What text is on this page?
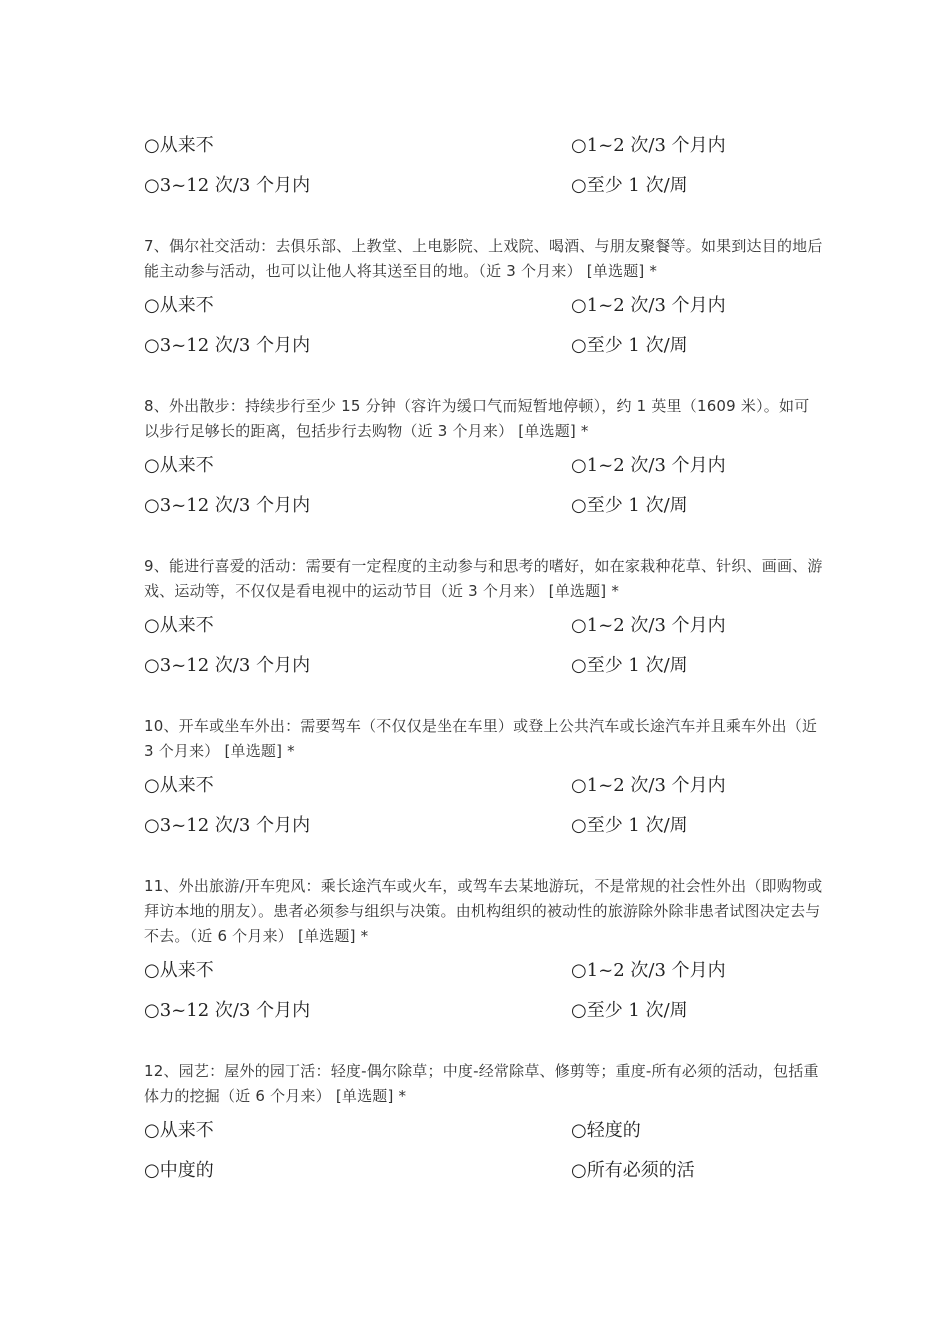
○从来不	○1~2 次/3 个月内
○3~12 次/3 个月内	○至少 1 次/周

7、偶尔社交活动：去俱乐部、上教堂、上电影院、上戏院、喝酒、与朋友聚餐等。如果到达目的地后能主动参与活动，也可以让他人将其送至目的地。（近 3 个月来） [单选题] *

○从来不	○1~2 次/3 个月内
○3~12 次/3 个月内	○至少 1 次/周

8、外出散步：持续步行至少 15 分钟（容许为缓口气而短暂地停顿），约 1 英里（1609 米）。如可以步行足够长的距离，包括步行去购物（近 3 个月来） [单选题] *

○从来不	○1~2 次/3 个月内
○3~12 次/3 个月内	○至少 1 次/周

9、能进行喜爱的活动：需要有一定程度的主动参与和思考的嗜好，如在家栽种花草、针织、画画、游戏、运动等，不仅仅是看电视中的运动节目（近 3 个月来） [单选题] *

○从来不	○1~2 次/3 个月内
○3~12 次/3 个月内	○至少 1 次/周

10、开车或坐车外出：需要驾车（不仅仅是坐在车里）或登上公共汽车或长途汽车并且乘车外出（近 3 个月来） [单选题] *

○从来不	○1~2 次/3 个月内
○3~12 次/3 个月内	○至少 1 次/周

11、外出旅游/开车兜风：乘长途汽车或火车，或驾车去某地游玩，不是常规的社会性外出（即购物或拜访本地的朋友）。患者必须参与组织与决策。由机构组织的被动性的旅游除外除非患者试图决定去与不去。（近 6 个月来） [单选题] *

○从来不	○1~2 次/3 个月内
○3~12 次/3 个月内	○至少 1 次/周

12、园艺：屋外的园丁活：轻度-偶尔除草；中度-经常除草、修剪等；重度-所有必须的活动，包括重体力的挖掘（近 6 个月来） [单选题] *

○从来不	○轻度的
○中度的	○所有必须的活
